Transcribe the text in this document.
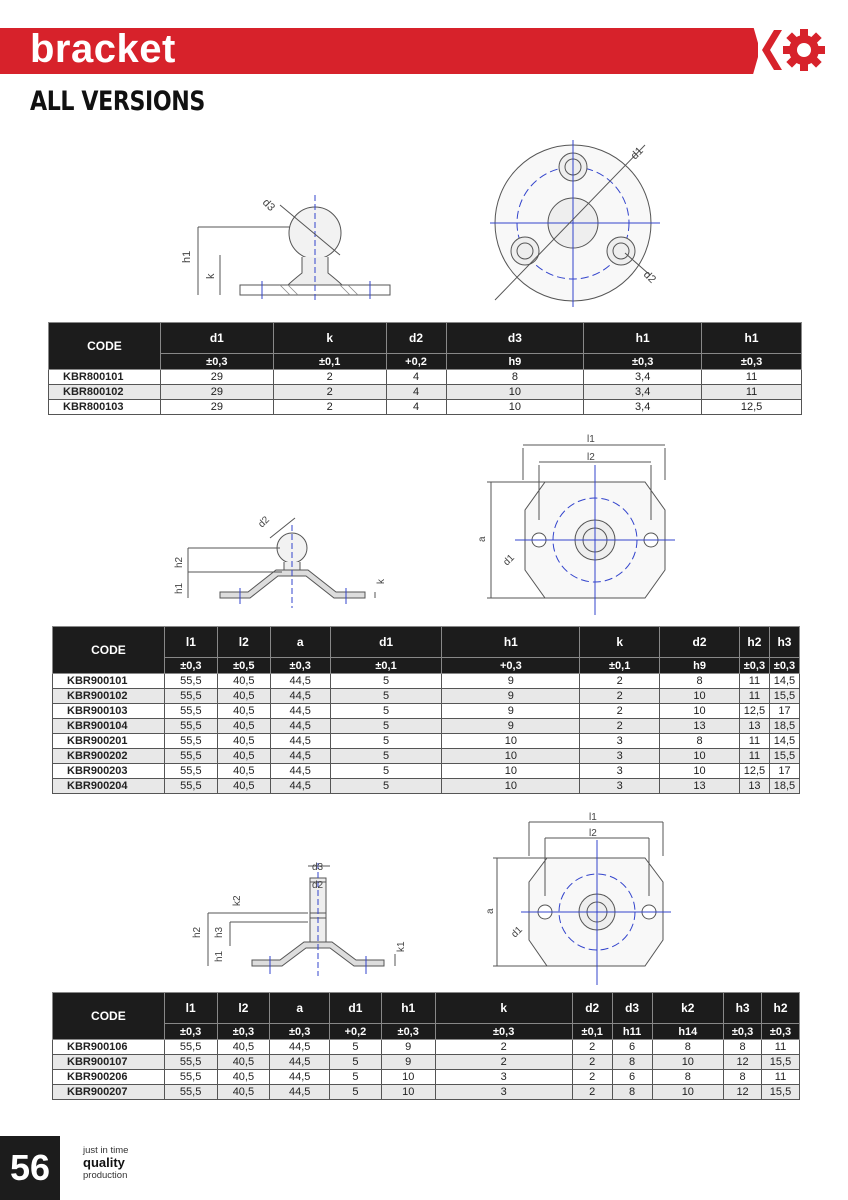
bracket
ALL VERSIONS
h1
k
d3
d1
d2
CODE	d1	k	d2	d3	h1	h1
	±0,3	±0,1	+0,2	h9	±0,3	±0,3
KBR800101	29	2	4	8	3,4	11
KBR800102	29	2	4	10	3,4	11
KBR800103	29	2	4	10	3,4	12,5
h2
h1
k
d2
l1
l2
a
d1
CODE	l1	l2	a	d1	h1	k	d2	h2	h3
	±0,3	±0,5	±0,3	±0,1	+0,3	±0,1	h9	±0,3	±0,3
KBR900101	55,5	40,5	44,5	5	9	2	8	11	14,5
KBR900102	55,5	40,5	44,5	5	9	2	10	11	15,5
KBR900103	55,5	40,5	44,5	5	9	2	10	12,5	17
KBR900104	55,5	40,5	44,5	5	9	2	13	13	18,5
KBR900201	55,5	40,5	44,5	5	10	3	8	11	14,5
KBR900202	55,5	40,5	44,5	5	10	3	10	11	15,5
KBR900203	55,5	40,5	44,5	5	10	3	10	12,5	17
KBR900204	55,5	40,5	44,5	5	10	3	13	13	18,5
d3
d2
h2 h3
k2
h1
k1
l1
l2
a
d1
CODE	l1	l2	a	d1	h1	k	d2	d3	k2	h3	h2
	±0,3	±0,3	±0,3	+0,2	±0,3	±0,3	±0,1	h11	h14	±0,3	±0,3
KBR900106	55,5	40,5	44,5	5	9	2	2	6	8	8	11
KBR900107	55,5	40,5	44,5	5	9	2	2	8	10	12	15,5
KBR900206	55,5	40,5	44,5	5	10	3	2	6	8	8	11
KBR900207	55,5	40,5	44,5	5	10	3	2	8	10	12	15,5
56	just in time
quality
production
